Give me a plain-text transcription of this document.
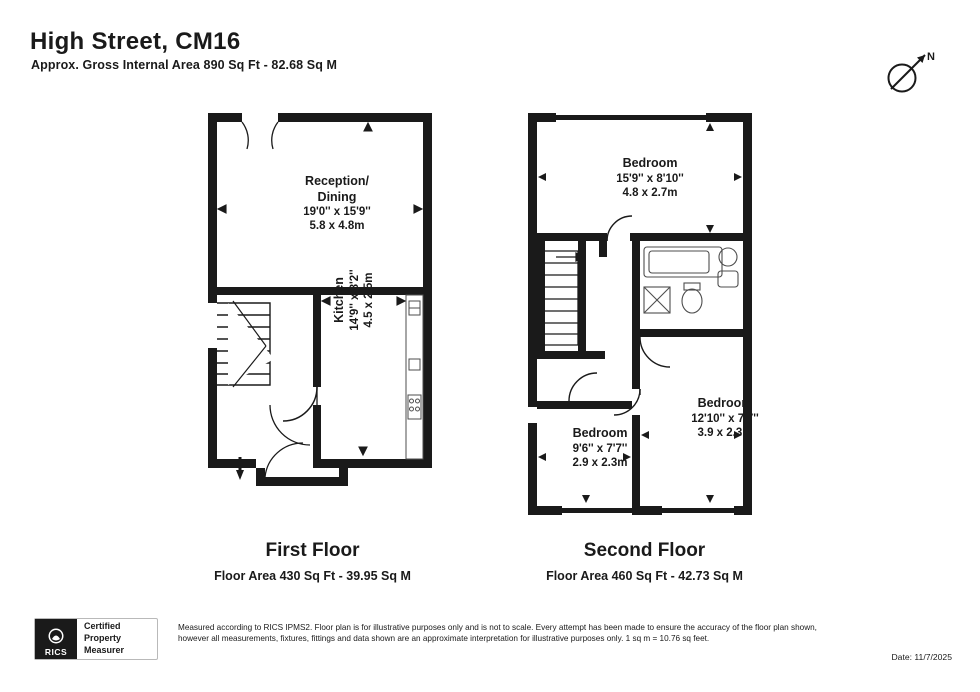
High Street, CM16
Approx. Gross Internal Area 890 Sq Ft - 82.68 Sq M
N
Reception/
Dining
19'0'' x 15'9''
5.8 x 4.8m
Kitchen 14'9'' x 8'2'' 4.5 x 2.5m
Bedroom
15'9'' x 8'10''
4.8 x 2.7m
Bedroom
12'10'' x 7'7''
3.9 x 2.3m
Bedroom
9'6'' x 7'7''
2.9 x 2.3m
First Floor
Floor Area 430 Sq Ft - 39.95 Sq M
Second Floor
Floor Area 460 Sq Ft - 42.73 Sq M
RICS
Certified
Property
Measurer
Measured according to RICS IPMS2. Floor plan is for illustrative purposes only and is not to scale. Every attempt has been made to ensure the accuracy of the floor plan shown,
however all measurements, fixtures, fittings and data shown are an approximate interpretation for illustrative purposes only. 1 sq m = 10.76 sq feet.
Date: 11/7/2025
